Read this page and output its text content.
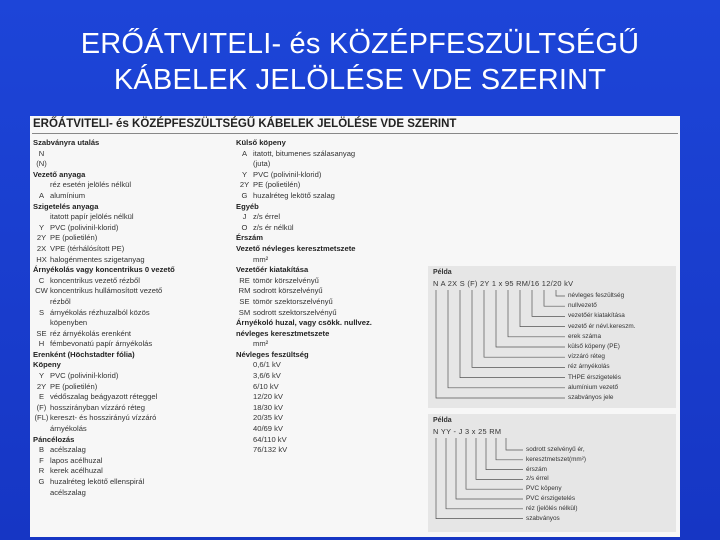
ERŐÁTVITELI- és KÖZÉPFESZÜLTSÉGŰ
KÁBELEK JELÖLÉSE VDE SZERINT
ERŐÁTVITELI- és KÖZÉPFESZÜLTSÉGŰ KÁBELEK JELÖLÉSE VDE SZERINT
Szabványra utalás
N
(N)
Vezető anyaga
réz esetén jelölés nélkül
A alumínium
Szigetelés anyaga
itatott papír jelölés nélkül
Y PVC (polivinil-klorid)
2Y PE (polietilén)
2X VPE (térhálósított PE)
HX halogénmentes szigetanyag
Árnyékolás vagy koncentrikus 0 vezető
C koncentrikus vezető rézből
CW koncentrikus hullámosított vezető
rézből
S árnyékolás rézhuzalból közös
köpenyben
SE réz árnyékolás erenként
H fémbevonatú papír árnyékolás
Erenként (Höchstadter fólia)
Köpeny
Y PVC (polivinil-klorid)
2Y PE (polietilén)
E védőszalag beágyazott réteggel
(F) hosszirányban vízzáró réteg
(FL) kereszt- és hosszirányú vízzáró
árnyékolás
Páncélozás
B acélszalag
F lapos acélhuzal
R kerek acélhuzal
G huzalréteg lekötő ellenspirál
acélszalag
Külső köpeny
A itatott, bitumenes szálasanyag
(juta)
Y PVC (polivinil-klorid)
2Y PE (polietilén)
G huzalréteg lekötő szalag
Egyéb
J z/s érrel
O z/s ér nélkül
Érszám
Vezető névleges keresztmetszete
mm²
Vezetőér kiatakítása
RE tömör körszelvényű
RM sodrott körszelvényű
SE tömör szektorszelvényű
SM sodrott szektorszelvényű
Árnyékoló huzal, vagy csökk. nullvez.
névleges keresztmetszete
mm²
Névleges feszültség
0,6/1 kV
3,6/6 kV
6/10 kV
12/20 kV
18/30 kV
20/35 kV
40/69 kV
64/110 kV
76/132 kV
Példa
N A 2X S (F) 2Y 1 x 95 RM/16 12/20 kV
névleges feszültség
nullvezető
vezetőér kiatakítása
vezető ér névl.kereszm.
erek száma
külső köpeny (PE)
vízzáró réteg
réz árnyékolás
THPE érszigetelés
alumínium vezető
szabványos jele
Példa
N YY - J 3 x 25 RM
sodrott szelvényű ér,
keresztmetszet(mm²)
érszám
z/s érrel
PVC köpeny
PVC érszigetelés
réz (jelölés nélkül)
szabványos
